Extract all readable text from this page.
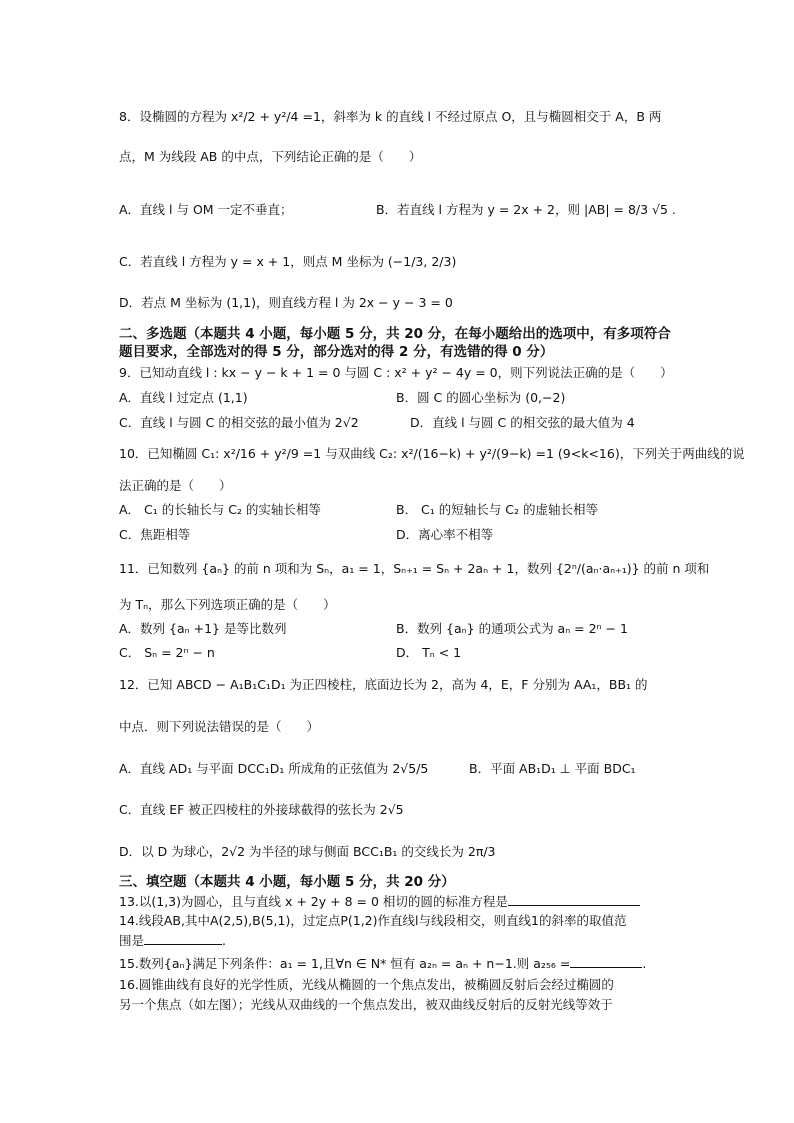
8．设椭圆的方程为 x²/2 + y²/4 =1，斜率为 k 的直线 l 不经过原点 O，且与椭圆相交于 A，B 两
点，M 为线段 AB 的中点，下列结论正确的是（　　）
A．直线 l 与 OM 一定不垂直；	B．若直线 l 方程为 y = 2x + 2，则 |AB| = 8/3 √5 .
C．若直线 l 方程为 y = x + 1，则点 M 坐标为 (−1/3, 2/3)
D．若点 M 坐标为 (1,1)，则直线方程 l 为 2x − y − 3 = 0
二、多选题（本题共 4 小题，每小题 5 分，共 20 分，在每小题给出的选项中，有多项符合
题目要求，全部选对的得 5 分，部分选对的得 2 分，有选错的得 0 分）
9．已知动直线 l : kx − y − k + 1 = 0 与圆 C : x² + y² − 4y = 0，则下列说法正确的是（　　）
A．直线 l 过定点 (1,1)	B．圆 C 的圆心坐标为 (0,−2)
C．直线 l 与圆 C 的相交弦的最小值为 2√2	D．直线 l 与圆 C 的相交弦的最大值为 4
10．已知椭圆 C₁: x²/16 + y²/9 =1 与双曲线 C₂: x²/(16−k) + y²/(9−k) =1 (9<k<16)，下列关于两曲线的说
法正确的是（　　）
A． C₁ 的长轴长与 C₂ 的实轴长相等	B． C₁ 的短轴长与 C₂ 的虚轴长相等
C．焦距相等	D．离心率不相等
11．已知数列 {aₙ} 的前 n 项和为 Sₙ，a₁ = 1，Sₙ₊₁ = Sₙ + 2aₙ + 1，数列 {2ⁿ/(aₙ·aₙ₊₁)} 的前 n 项和
为 Tₙ，那么下列选项正确的是（　　）
A．数列 {aₙ +1} 是等比数列	B．数列 {aₙ} 的通项公式为 aₙ = 2ⁿ − 1
C． Sₙ = 2ⁿ − n	D． Tₙ < 1
12．已知 ABCD − A₁B₁C₁D₁ 为正四棱柱，底面边长为 2，高为 4，E，F 分别为 AA₁，BB₁ 的
中点．则下列说法错误的是（　　）
A．直线 AD₁ 与平面 DCC₁D₁ 所成角的正弦值为 2√5/5	B．平面 AB₁D₁ ⊥ 平面 BDC₁
C．直线 EF 被正四棱柱的外接球截得的弦长为 2√5
D．以 D 为球心，2√2 为半径的球与侧面 BCC₁B₁ 的交线长为 2π/3
三、填空题（本题共 4 小题，每小题 5 分，共 20 分）
13.以(1,3)为圆心，且与直线 x + 2y + 8 = 0 相切的圆的标准方程是
14.线段AB,其中A(2,5),B(5,1)，过定点P(1,2)作直线l与线段相交，则直线1的斜率的取值范
围是	.
15.数列{aₙ}满足下列条件：a₁ = 1,且∀n ∈ N* 恒有 a₂ₙ = aₙ + n−1.则 a₂₅₆ =	.
16.圆锥曲线有良好的光学性质，光线从椭圆的一个焦点发出，被椭圆反射后会经过椭圆的
另一个焦点（如左图）；光线从双曲线的一个焦点发出，被双曲线反射后的反射光线等效于
